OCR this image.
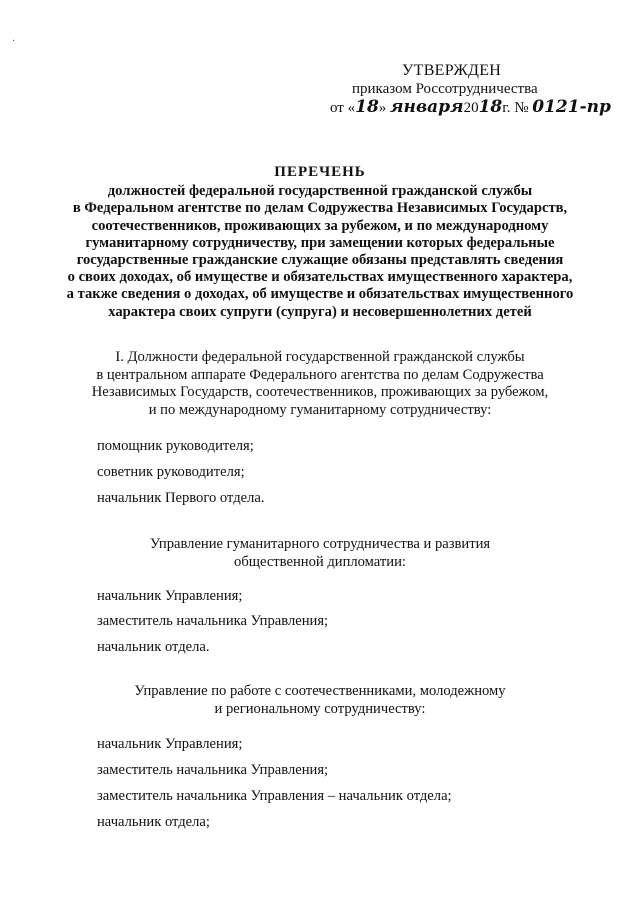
·
УТВЕРЖДЕН
приказом Россотрудничества
от «18» января2018г. № 0121-пр
ПЕРЕЧЕНЬ
должностей федеральной государственной гражданской службы
в Федеральном агентстве по делам Содружества Независимых Государств,
соотечественников, проживающих за рубежом, и по международному
гуманитарному сотрудничеству, при замещении которых федеральные
государственные гражданские служащие обязаны представлять сведения
о своих доходах, об имуществе и обязательствах имущественного характера,
а также сведения о доходах, об имуществе и обязательствах имущественного
характера своих супруги (супруга) и несовершеннолетних детей
I. Должности федеральной государственной гражданской службы
в центральном аппарате Федерального агентства по делам Содружества
Независимых Государств, соотечественников, проживающих за рубежом,
и по международному гуманитарному сотрудничеству:
помощник руководителя;
советник руководителя;
начальник Первого отдела.
Управление гуманитарного сотрудничества и развития
общественной дипломатии:
начальник Управления;
заместитель начальника Управления;
начальник отдела.
Управление по работе с соотечественниками, молодежному
и региональному сотрудничеству:
начальник Управления;
заместитель начальника Управления;
заместитель начальника Управления – начальник отдела;
начальник отдела;
